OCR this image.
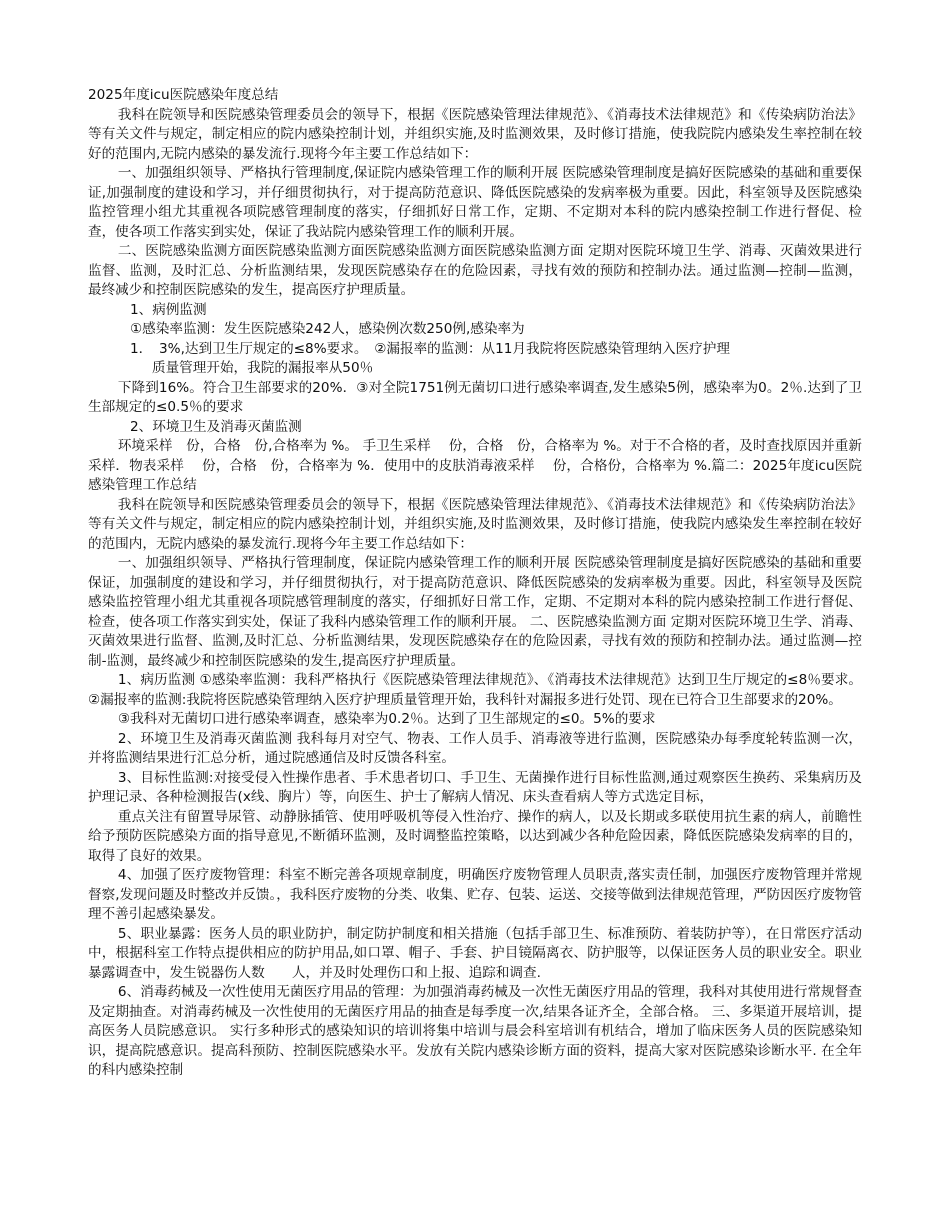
2025年度icu医院感染年度总结

我科在院领导和医院感染管理委员会的领导下，根据《医院感染管理法律规范》、《消毒技术法律规范》和《传染病防治法》等有关文件与规定，制定相应的院内感染控制计划，并组织实施,及时监测效果，及时修订措施，使我院院内感染发生率控制在较好的范围内,无院内感染的暴发流行.现将今年主要工作总结如下：

一、加强组织领导、严格执行管理制度,保证院内感染管理工作的顺利开展 医院感染管理制度是搞好医院感染的基础和重要保证,加强制度的建设和学习，并仔细贯彻执行，对于提高防范意识、降低医院感染的发病率极为重要。因此，科室领导及医院感染监控管理小组尤其重视各项院感管理制度的落实，仔细抓好日常工作，定期、不定期对本科的院内感染控制工作进行督促、检查，使各项工作落实到实处，保证了我站院内感染管理工作的顺利开展。

二、医院感染监测方面医院感染监测方面医院感染监测方面医院感染监测方面 定期对医院环境卫生学、消毒、灭菌效果进行监督、监测，及时汇总、分析监测结果，发现医院感染存在的危险因素，寻找有效的预防和控制办法。通过监测—控制—监测，最终减少和控制医院感染的发生，提高医疗护理质量。

1、病例监测

①感染率监测：发生医院感染242人，感染例次数250例,感染率为

1．　3%,达到卫生厅规定的≤8%要求。　②漏报率的监测：从11月我院将医院感染管理纳入医疗护理
质量管理开始，我院的漏报率从50％

下降到16%。符合卫生部要求的20%．③对全院1751例无菌切口进行感染率调查,发生感染5例，感染率为0。2％.达到了卫生部规定的≤0.5％的要求

2、环境卫生及消毒灭菌监测

环境采样　份，合格　份,合格率为 %。 手卫生采样　 份，合格　份，合格率为 %。对于不合格的者，及时查找原因并重新采样．物表采样　 份，合格　份，合格率为 %．使用中的皮肤消毒液采样　 份，合格份，合格率为 %.篇二：2025年度icu医院感染管理工作总结

我科在院领导和医院感染管理委员会的领导下，根据《医院感染管理法律规范》、《消毒技术法律规范》和《传染病防治法》等有关文件与规定，制定相应的院内感染控制计划，并组织实施,及时监测效果，及时修订措施，使我院内感染发生率控制在较好的范围内，无院内感染的暴发流行.现将今年主要工作总结如下：

一、加强组织领导、严格执行管理制度，保证院内感染管理工作的顺利开展 医院感染管理制度是搞好医院感染的基础和重要保证，加强制度的建设和学习，并仔细贯彻执行，对于提高防范意识、降低医院感染的发病率极为重要。因此，科室领导及医院感染监控管理小组尤其重视各项院感管理制度的落实，仔细抓好日常工作，定期、不定期对本科的院内感染控制工作进行督促、检查，使各项工作落实到实处，保证了我科内感染管理工作的顺利开展。 二、医院感染监测方面 定期对医院环境卫生学、消毒、灭菌效果进行监督、监测,及时汇总、分析监测结果，发现医院感染存在的危险因素，寻找有效的预防和控制办法。通过监测—控制-监测，最终减少和控制医院感染的发生,提高医疗护理质量。

1、病历监测 ①感染率监测：我科严格执行《医院感染管理法律规范》、《消毒技术法律规范》达到卫生厅规定的≤8％要求。 ②漏报率的监测:我院将医院感染管理纳入医疗护理质量管理开始，我科针对漏报多进行处罚、现在已符合卫生部要求的20%。

③我科对无菌切口进行感染率调查，感染率为0.2％。达到了卫生部规定的≤0。5%的要求

2、环境卫生及消毒灭菌监测 我科每月对空气、物表、工作人员手、消毒液等进行监测，医院感染办每季度轮转监测一次，并将监测结果进行汇总分析，通过院感通信及时反馈各科室。

3、目标性监测:对接受侵入性操作患者、手术患者切口、手卫生、无菌操作进行目标性监测,通过观察医生换药、采集病历及护理记录、各种检测报告(x线、胸片）等，向医生、护士了解病人情况、床头查看病人等方式选定目标，

重点关注有留置导尿管、动静脉插管、使用呼吸机等侵入性治疗、操作的病人，以及长期或多联使用抗生素的病人，前瞻性给予预防医院感染方面的指导意见,不断循环监测，及时调整监控策略，以达到减少各种危险因素，降低医院感染发病率的目的，取得了良好的效果。

4、加强了医疗废物管理：科室不断完善各项规章制度，明确医疗废物管理人员职责,落实责任制，加强医疗废物管理并常规督察,发现问题及时整改并反馈。，我科医疗废物的分类、收集、贮存、包装、运送、交接等做到法律规范管理，严防因医疗废物管理不善引起感染暴发。

5、职业暴露：医务人员的职业防护，制定防护制度和相关措施（包括手部卫生、标准预防、着装防护等），在日常医疗活动中，根据科室工作特点提供相应的防护用品,如口罩、帽子、手套、护目镜隔离衣、防护服等，以保证医务人员的职业安全。职业暴露调查中，发生锐器伤人数　　人，并及时处理伤口和上报、追踪和调查.

6、消毒药械及一次性使用无菌医疗用品的管理：为加强消毒药械及一次性无菌医疗用品的管理，我科对其使用进行常规督查及定期抽查。对消毒药械及一次性使用的无菌医疗用品的抽查是每季度一次,结果各证齐全，全部合格。 三、多渠道开展培训，提高医务人员院感意识。 实行多种形式的感染知识的培训将集中培训与晨会科室培训有机结合，增加了临床医务人员的医院感染知识，提高院感意识。提高科预防、控制医院感染水平。发放有关院内感染诊断方面的资料，提高大家对医院感染诊断水平. 在全年的科内感染控制
